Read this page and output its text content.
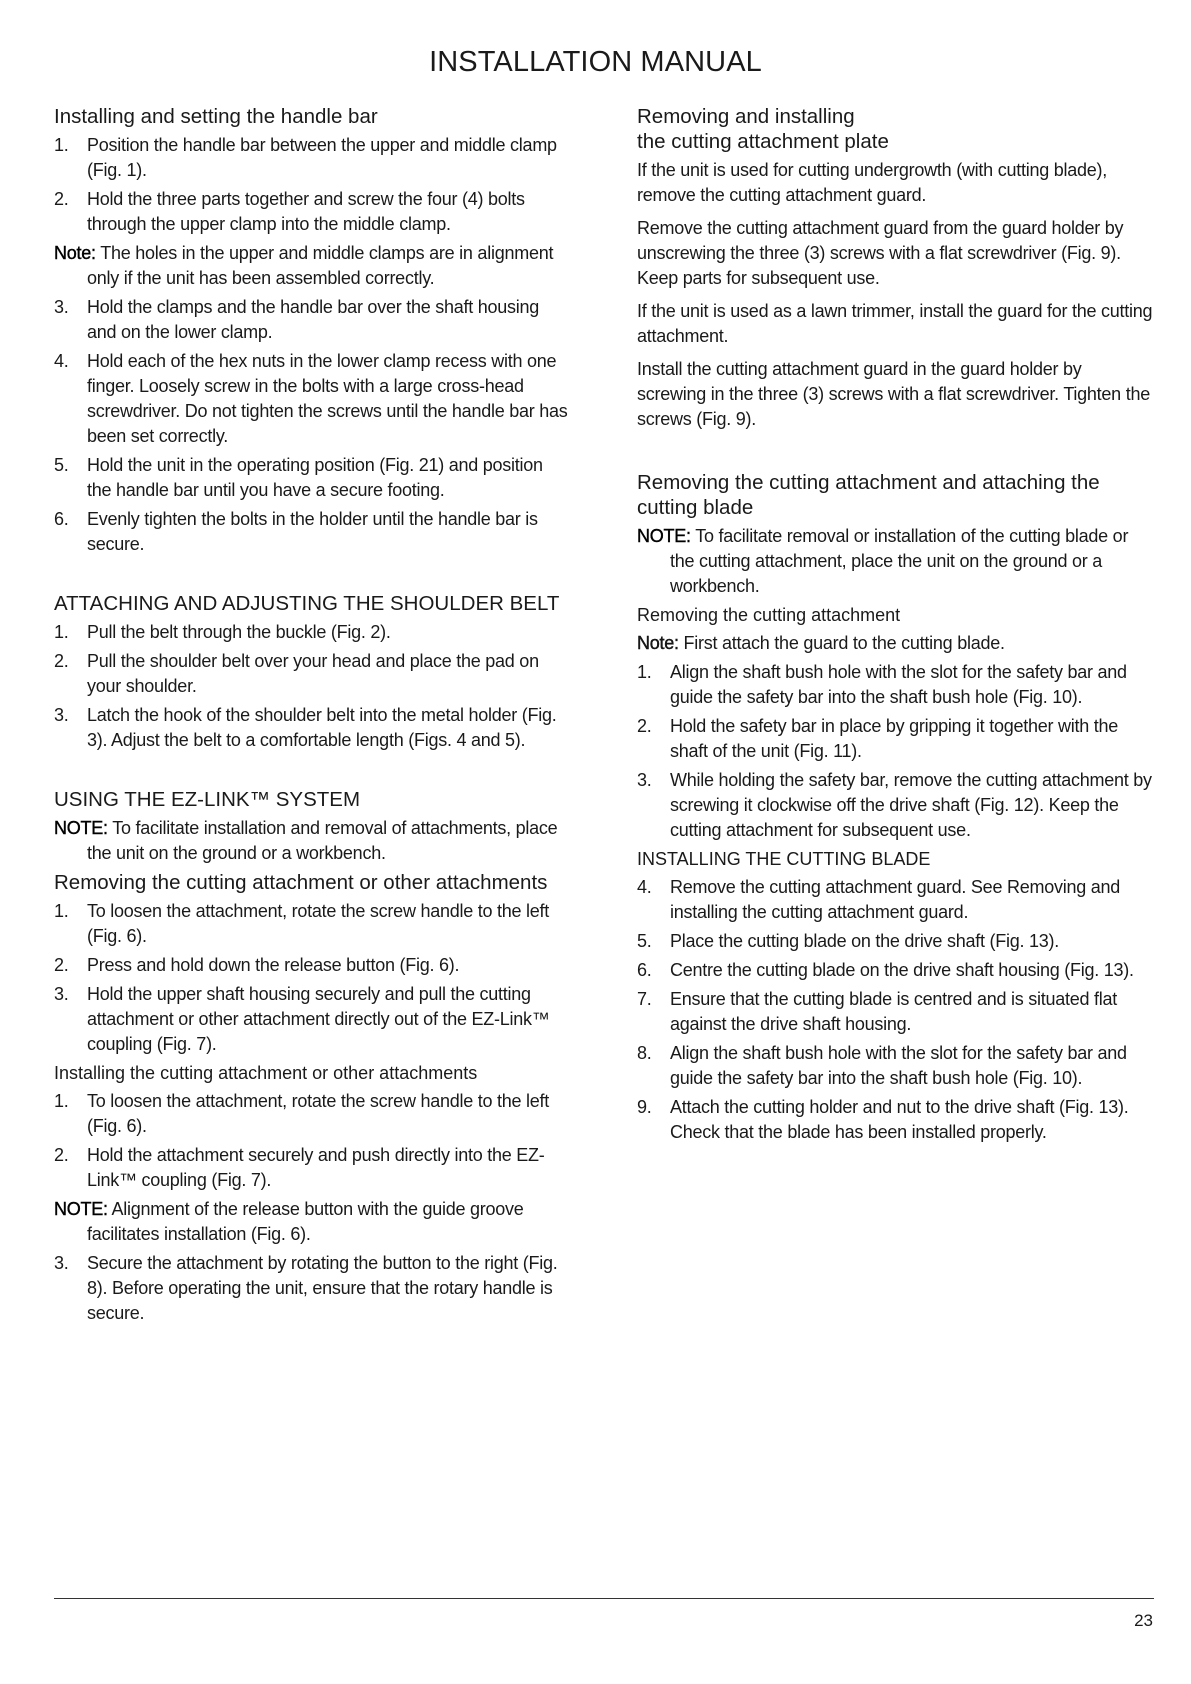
INSTALLATION MANUAL
Installing and setting the handle bar
1.	Position the handle bar between the upper and middle clamp (Fig. 1).
2.	Hold the three parts together and screw the four (4) bolts through the upper clamp into the middle clamp.
Note: The holes in the upper and middle clamps are in alignment only if the unit has been assembled correctly.
3.	Hold the clamps and the handle bar over the shaft housing and on the lower clamp.
4.	Hold each of the hex nuts in the lower clamp recess with one finger. Loosely screw in the bolts with a large cross-head screwdriver. Do not tighten the screws until the handle bar has been set correctly.
5.	Hold the unit in the operating position (Fig. 21) and position the handle bar until you have a secure footing.
6.	Evenly tighten the bolts in the holder until the handle bar is secure.
ATTACHING AND ADJUSTING THE SHOULDER BELT
1.	Pull the belt through the buckle (Fig. 2).
2.	Pull the shoulder belt over your head and place the pad on your shoulder.
3.	Latch the hook of the shoulder belt into the metal holder (Fig. 3). Adjust the belt to a comfortable length (Figs. 4 and 5).
USING THE EZ-LINK™ SYSTEM
NOTE: To facilitate installation and removal of attachments, place the unit on the ground or a workbench.
Removing the cutting attachment or other attachments
1.	To loosen the attachment, rotate the screw handle to the left (Fig. 6).
2.	Press and hold down the release button (Fig. 6).
3.	Hold the upper shaft housing securely and pull the cutting attachment or other attachment directly out of the EZ-Link™ coupling (Fig. 7).
Installing the cutting attachment or other attachments
1.	To loosen the attachment, rotate the screw handle to the left (Fig. 6).
2.	Hold the attachment securely and push directly into the EZ-Link™ coupling (Fig. 7).
NOTE: Alignment of the release button with the guide groove facilitates installation (Fig. 6).
3.	Secure the attachment by rotating the button to the right (Fig. 8). Before operating the unit, ensure that the rotary handle is secure.
Removing and installing
the cutting attachment plate
If the unit is used for cutting undergrowth (with cutting blade), remove the cutting attachment guard.
Remove the cutting attachment guard from the guard holder by unscrewing the three (3) screws with a flat screwdriver (Fig. 9). Keep parts for subsequent use.
If the unit is used as a lawn trimmer, install the guard for the cutting attachment.
Install the cutting attachment guard in the guard holder by screwing in the three (3) screws with a flat screwdriver. Tighten the screws (Fig. 9).
Removing the cutting attachment and attaching the cutting blade
NOTE: To facilitate removal or installation of the cutting blade or the cutting attachment, place the unit on the ground or a workbench.
Removing the cutting attachment
Note: First attach the guard to the cutting blade.
1.	Align the shaft bush hole with the slot for the safety bar and guide the safety bar into the shaft bush hole (Fig. 10).
2.	Hold the safety bar in place by gripping it together with the shaft of the unit (Fig. 11).
3.	While holding the safety bar, remove the cutting attachment by screwing it clockwise off the drive shaft (Fig. 12). Keep the cutting attachment for subsequent use.
INSTALLING THE CUTTING BLADE
4.	Remove the cutting attachment guard. See Removing and installing the cutting attachment guard.
5.	Place the cutting blade on the drive shaft (Fig. 13).
6.	Centre the cutting blade on the drive shaft housing (Fig. 13).
7.	Ensure that the cutting blade is centred and is situated flat against the drive shaft housing.
8.	Align the shaft bush hole with the slot for the safety bar and guide the safety bar into the shaft bush hole (Fig. 10).
9.	Attach the cutting holder and nut to the drive shaft (Fig. 13). Check that the blade has been installed properly.
23
